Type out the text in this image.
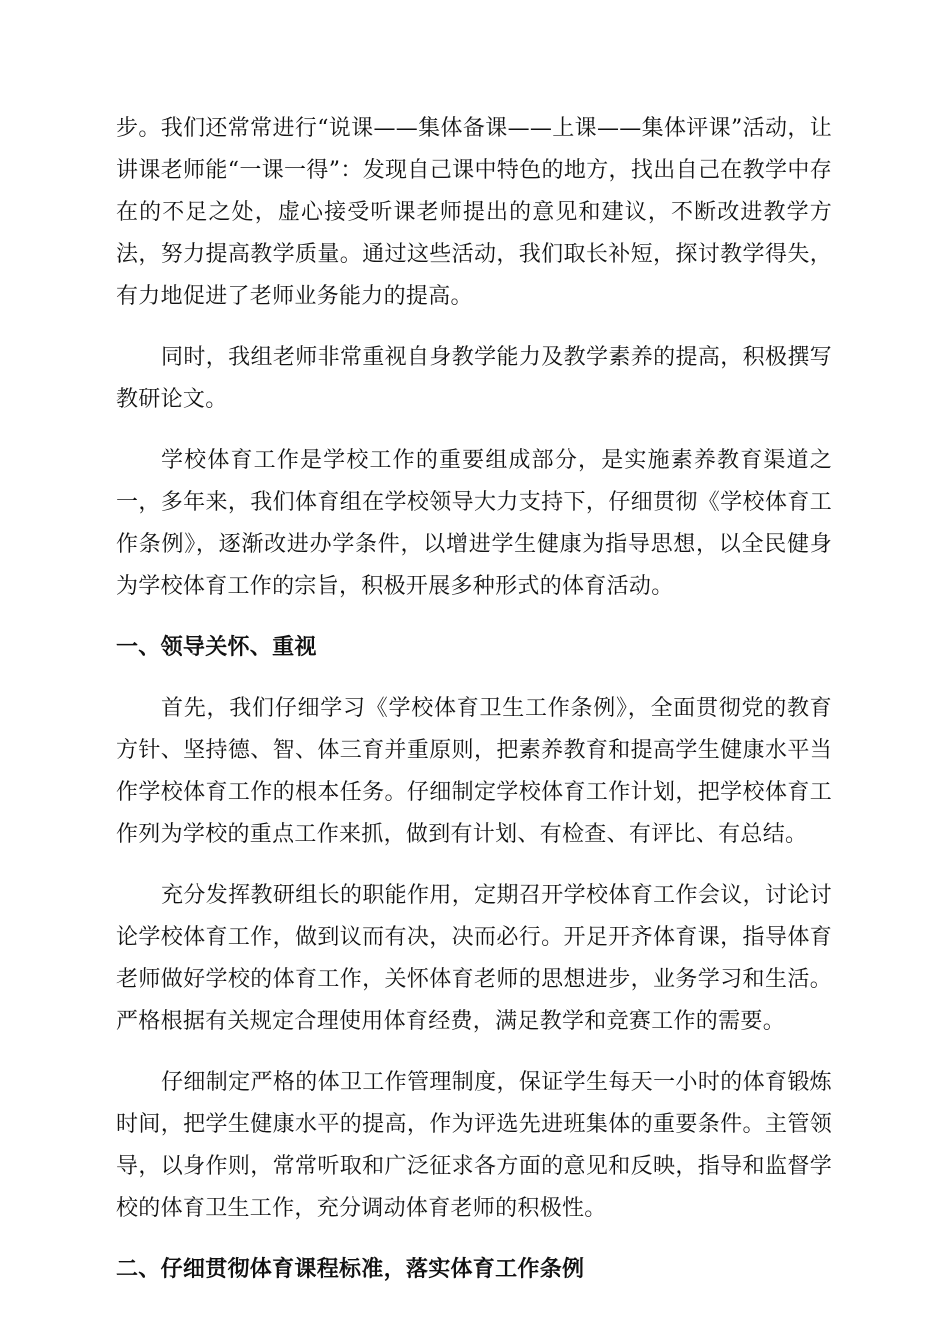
步。我们还常常进行“说课——集体备课——上课——集体评课”活动，让讲课老师能“一课一得”：发现自己课中特色的地方，找出自己在教学中存在的不足之处，虚心接受听课老师提出的意见和建议，不断改进教学方法，努力提高教学质量。通过这些活动，我们取长补短，探讨教学得失，有力地促进了老师业务能力的提高。

同时，我组老师非常重视自身教学能力及教学素养的提高，积极撰写教研论文。

学校体育工作是学校工作的重要组成部分，是实施素养教育渠道之一，多年来，我们体育组在学校领导大力支持下，仔细贯彻《学校体育工作条例》，逐渐改进办学条件，以增进学生健康为指导思想，以全民健身为学校体育工作的宗旨，积极开展多种形式的体育活动。

一、领导关怀、重视

首先，我们仔细学习《学校体育卫生工作条例》，全面贯彻党的教育方针、坚持德、智、体三育并重原则，把素养教育和提高学生健康水平当作学校体育工作的根本任务。仔细制定学校体育工作计划，把学校体育工作列为学校的重点工作来抓，做到有计划、有检查、有评比、有总结。

充分发挥教研组长的职能作用，定期召开学校体育工作会议，讨论讨论学校体育工作，做到议而有决，决而必行。开足开齐体育课，指导体育老师做好学校的体育工作，关怀体育老师的思想进步，业务学习和生活。严格根据有关规定合理使用体育经费，满足教学和竞赛工作的需要。

仔细制定严格的体卫工作管理制度，保证学生每天一小时的体育锻炼时间，把学生健康水平的提高，作为评选先进班集体的重要条件。主管领导，以身作则，常常听取和广泛征求各方面的意见和反映，指导和监督学校的体育卫生工作，充分调动体育老师的积极性。

二、仔细贯彻体育课程标准，落实体育工作条例
